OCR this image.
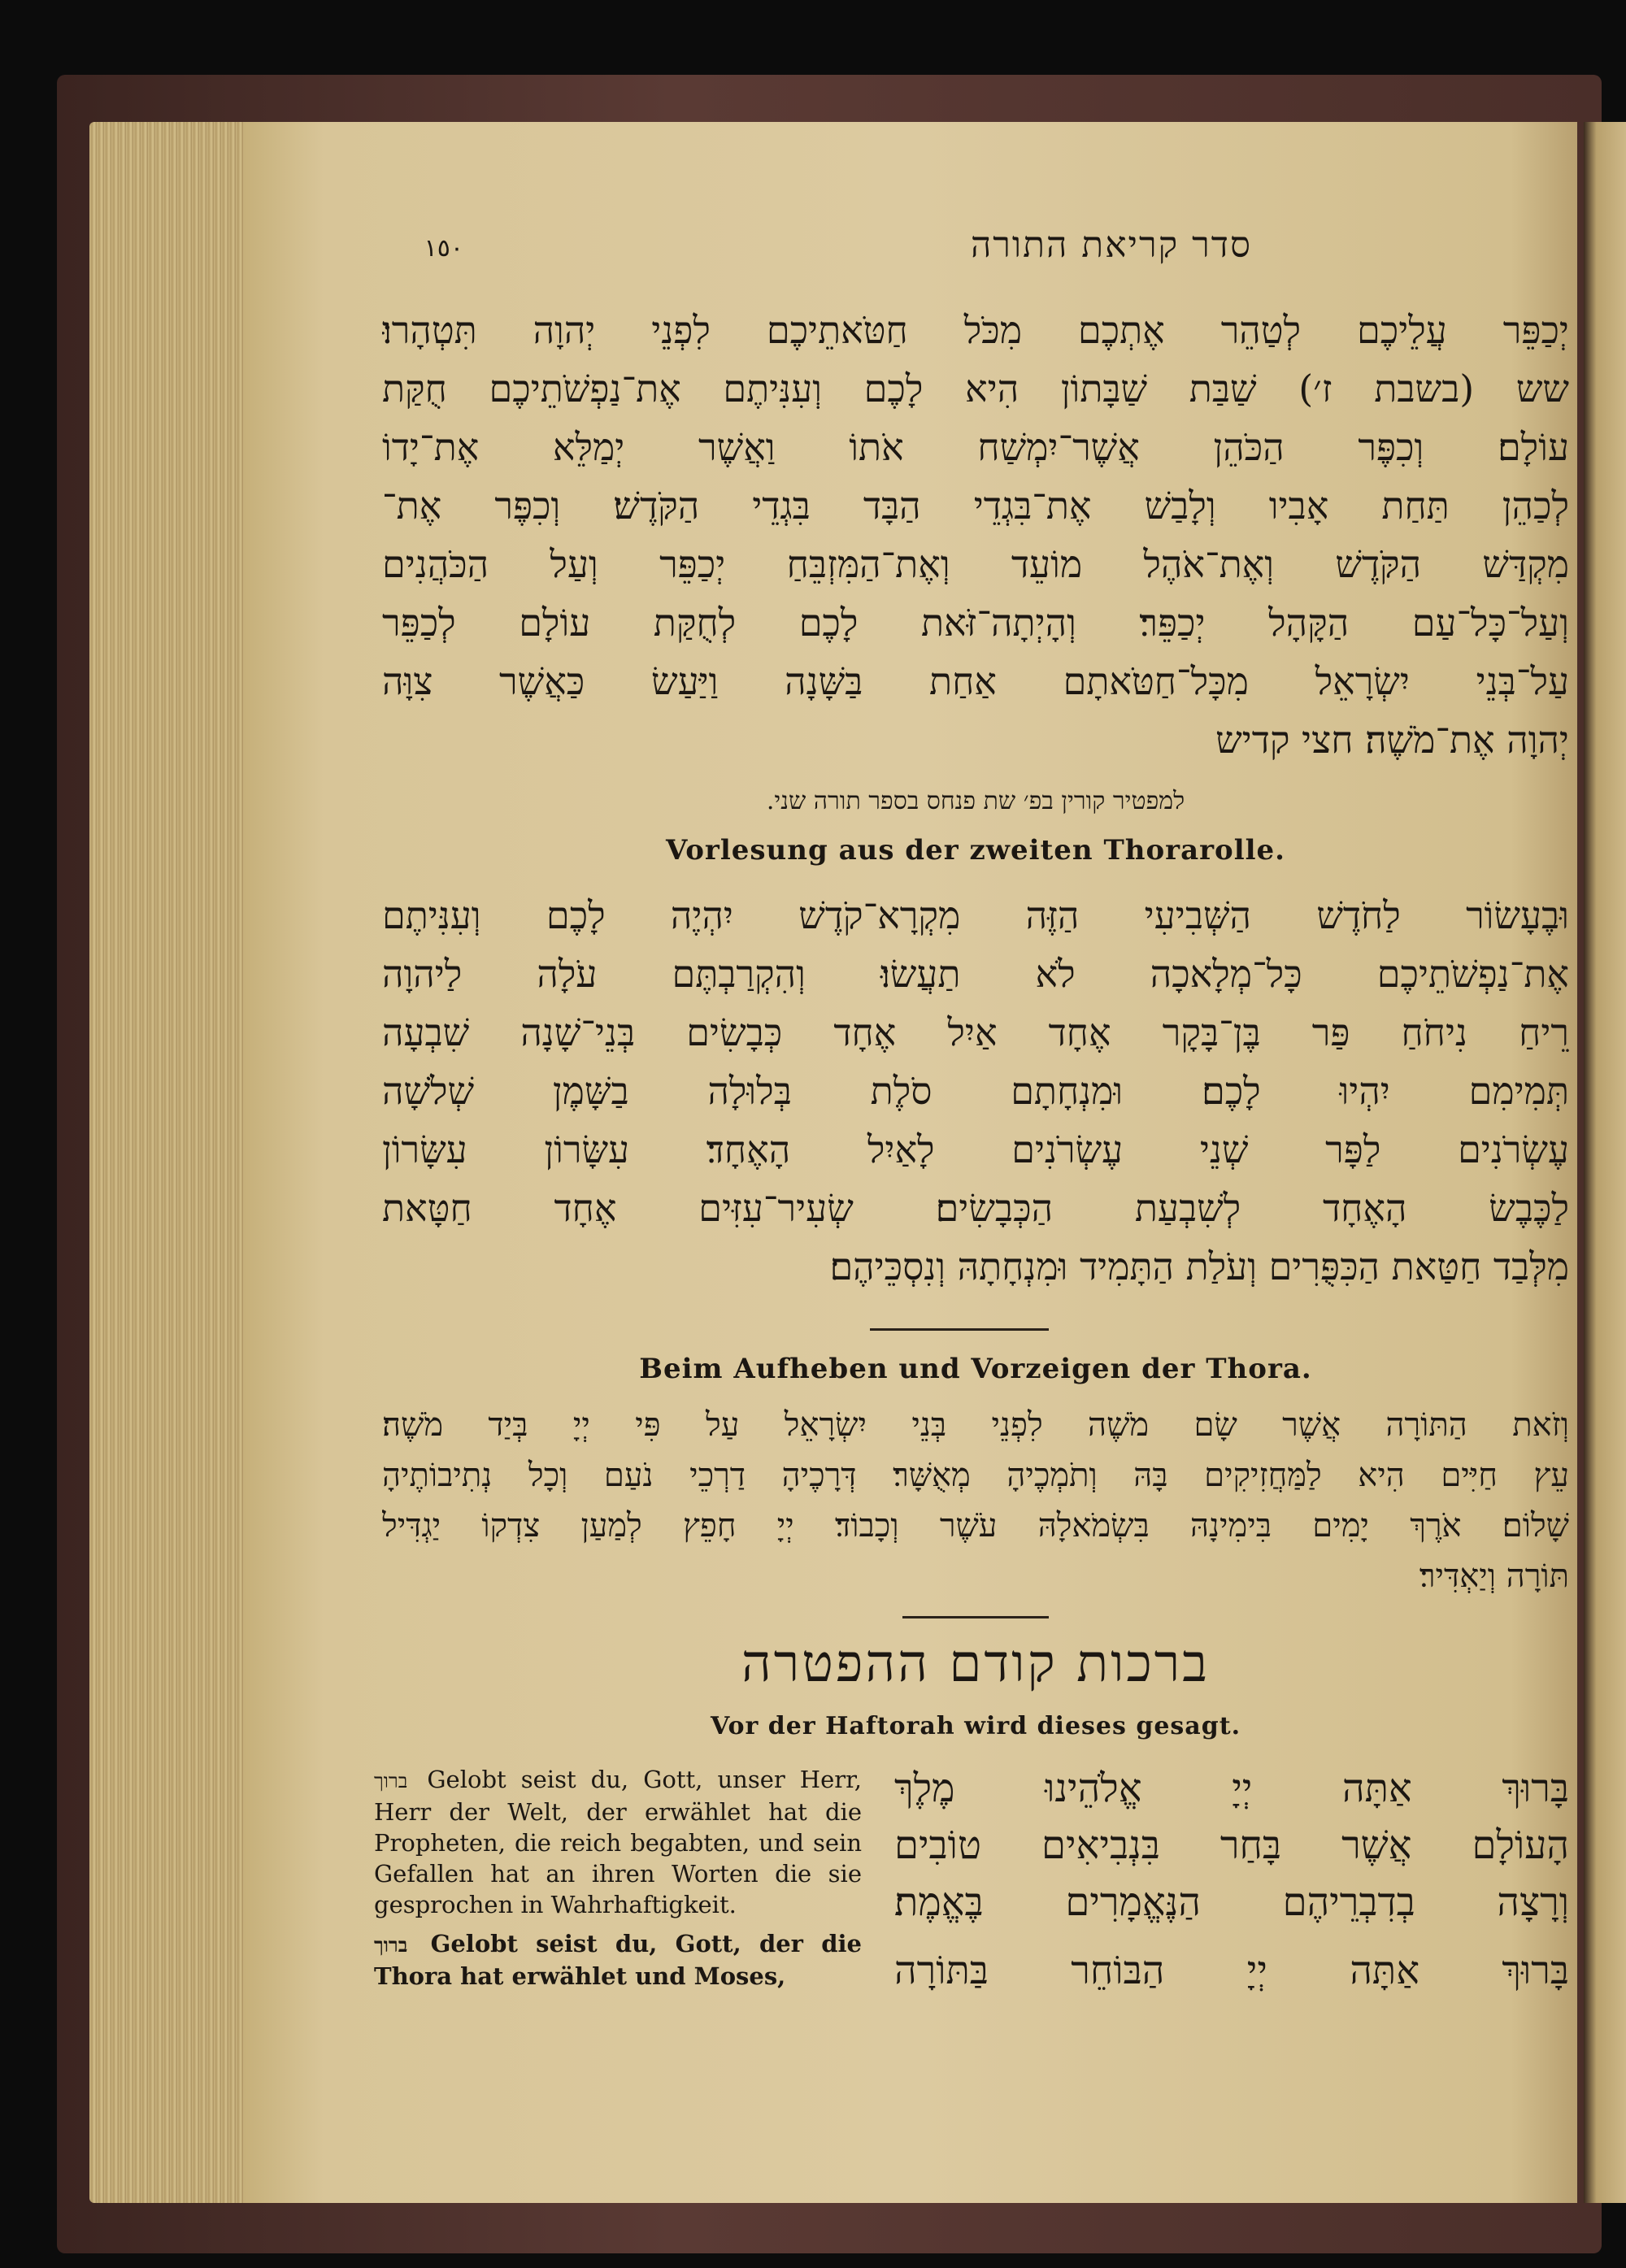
סדר קריאת התורה
١٥٠
יְכַפֵּר עֲלֵיכֶם לְטַהֵר אֶתְכֶם מִכֹּל חַטֹּאתֵיכֶם לִפְנֵי יְהוָה תִּטְהָרוּ׃
שש (בשבת ז׳) שַׁבַּת שַׁבָּתוֹן הִיא לָכֶם וְעִנִּיתֶם אֶת־נַפְשֹׁתֵיכֶם חֻקַּת
עוֹלָם׃ וְכִפֶּר הַכֹּהֵן אֲשֶׁר־יִמְשַׁח אֹתוֹ וַאֲשֶׁר יְמַלֵּא אֶת־יָדוֹ
לְכַהֵן תַּחַת אָבִיו וְלָבַשׁ אֶת־בִּגְדֵי הַבָּד בִּגְדֵי הַקֹּדֶשׁ׃ וְכִפֶּר אֶת־
מִקְדַּשׁ הַקֹּדֶשׁ וְאֶת־אֹהֶל מוֹעֵד וְאֶת־הַמִּזְבֵּחַ יְכַפֵּר וְעַל הַכֹּהֲנִים
וְעַל־כָּל־עַם הַקָּהָל יְכַפֵּר׃ וְהָיְתָה־זֹּאת לָכֶם לְחֻקַּת עוֹלָם לְכַפֵּר
עַל־בְּנֵי יִשְׂרָאֵל מִכָּל־חַטֹּאתָם אַחַת בַּשָּׁנָה וַיַּעַשׂ כַּאֲשֶׁר צִוָּה
יְהוָה אֶת־מֹשֶׁה׃ חצי קדיש
למפטיר קורין בפ׳ שת פנחס בספר תורה שני.
Vorlesung aus der zweiten Thorarolle.
וּבֶעָשׂוֹר לַחֹדֶשׁ הַשְּׁבִיעִי הַזֶּה מִקְרָא־קֹדֶשׁ יִהְיֶה לָכֶם וְעִנִּיתֶם
אֶת־נַפְשֹׁתֵיכֶם כָּל־מְלָאכָה לֹא תַעֲשׂוּ׃ וְהִקְרַבְתֶּם עֹלָה לַיהוָה
רֵיחַ נִיחֹחַ פַּר בֶּן־בָּקָר אֶחָד אַיִל אֶחָד כְּבָשִׂים בְּנֵי־שָׁנָה שִׁבְעָה
תְּמִימִם יִהְיוּ לָכֶם׃ וּמִנְחָתָם סֹלֶת בְּלוּלָה בַשָּׁמֶן שְׁלֹשָׁה
עֶשְׂרֹנִים לַפָּר שְׁנֵי עֶשְׂרֹנִים לָאַיִל הָאֶחָד׃ עִשָּׂרוֹן עִשָּׂרוֹן
לַכֶּבֶשׂ הָאֶחָד לְשִׁבְעַת הַכְּבָשִׂים׃ שְׂעִיר־עִזִּים אֶחָד חַטָּאת
מִלְּבַד חַטַּאת הַכִּפֻּרִים וְעֹלַת הַתָּמִיד וּמִנְחָתָהּ וְנִסְכֵּיהֶם׃
Beim Aufheben und Vorzeigen der Thora.
וְזֹאת הַתּוֹרָה אֲשֶׁר שָׂם מֹשֶׁה לִפְנֵי בְּנֵי יִשְׂרָאֵל עַל פִּי יְיָ בְּיַד מֹשֶׁה׃
עֵץ חַיִּים הִיא לַמַּחֲזִיקִים בָּהּ וְתֹמְכֶיהָ מְאֻשָּׁר׃ דְּרָכֶיהָ דַרְכֵי נֹעַם וְכָל נְתִיבוֹתֶיהָ
שָׁלוֹם׃ אֹרֶךְ יָמִים בִּימִינָהּ בִּשְׂמֹאלָהּ עֹשֶׁר וְכָבוֹד׃ יְיָ חָפֵץ לְמַעַן צִדְקוֹ יַגְדִּיל
תּוֹרָה וְיַאְדִּיר׃
ברכות קודם ההפטרה
Vor der Haftorah wird dieses gesagt.
ברוך Gelobt seist du, Gott, unser Herr, Herr der Welt, der erwählet hat die Propheten, die reich begabten, und sein Gefallen hat an ihren Worten die sie gesprochen in Wahrhaftigkeit.
ברוך Gelobt seist du, Gott, der die Thora hat erwählet und Moses,
בָּרוּךְ אַתָּה יְיָ אֱלֹהֵינוּ מֶלֶךְ
הָעוֹלָם אֲשֶׁר בָּחַר בִּנְבִיאִים טוֹבִים
וְרָצָה בְדִבְרֵיהֶם הַנֶּאֱמָרִים בֶּאֱמֶת׃
בָּרוּךְ אַתָּה יְיָ הַבּוֹחֵר בַּתּוֹרָה
